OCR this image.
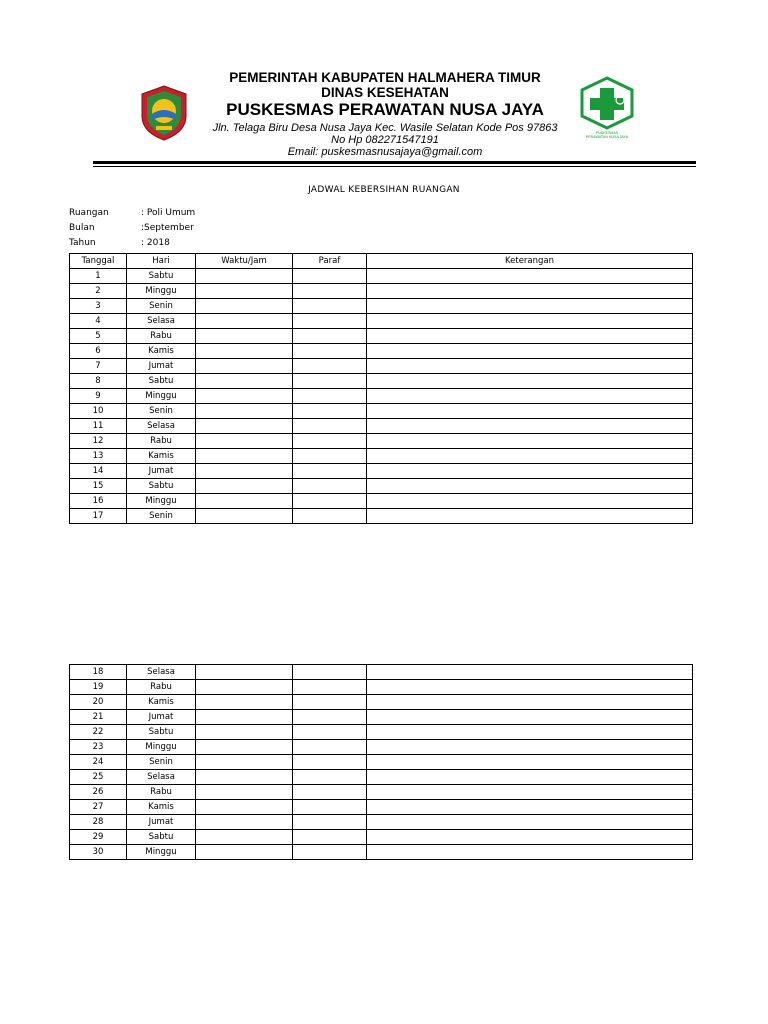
PEMERINTAH KABUPATEN HALMAHERA TIMUR
DINAS KESEHATAN
PUSKESMAS PERAWATAN NUSA JAYA
Jln. Telaga Biru Desa Nusa Jaya Kec. Wasile Selatan Kode Pos 97863
No Hp 082271547191
Email: puskesmasnusajaya@gmail.com
PUSKESMAS
PERAWATAN NUSA JAYA
JADWAL KEBERSIHAN RUANGAN
Ruangan	: Poli Umum
Bulan	:September
Tahun	: 2018
Tanggal	Hari	Waktu/Jam	Paraf	Keterangan
1	Sabtu			
2	Minggu			
3	Senin			
4	Selasa			
5	Rabu			
6	Kamis			
7	Jumat			
8	Sabtu			
9	Minggu			
10	Senin			
11	Selasa			
12	Rabu			
13	Kamis			
14	Jumat			
15	Sabtu			
16	Minggu			
17	Senin			
18	Selasa			
19	Rabu			
20	Kamis			
21	Jumat			
22	Sabtu			
23	Minggu			
24	Senin			
25	Selasa			
26	Rabu			
27	Kamis			
28	Jumat			
29	Sabtu			
30	Minggu			
